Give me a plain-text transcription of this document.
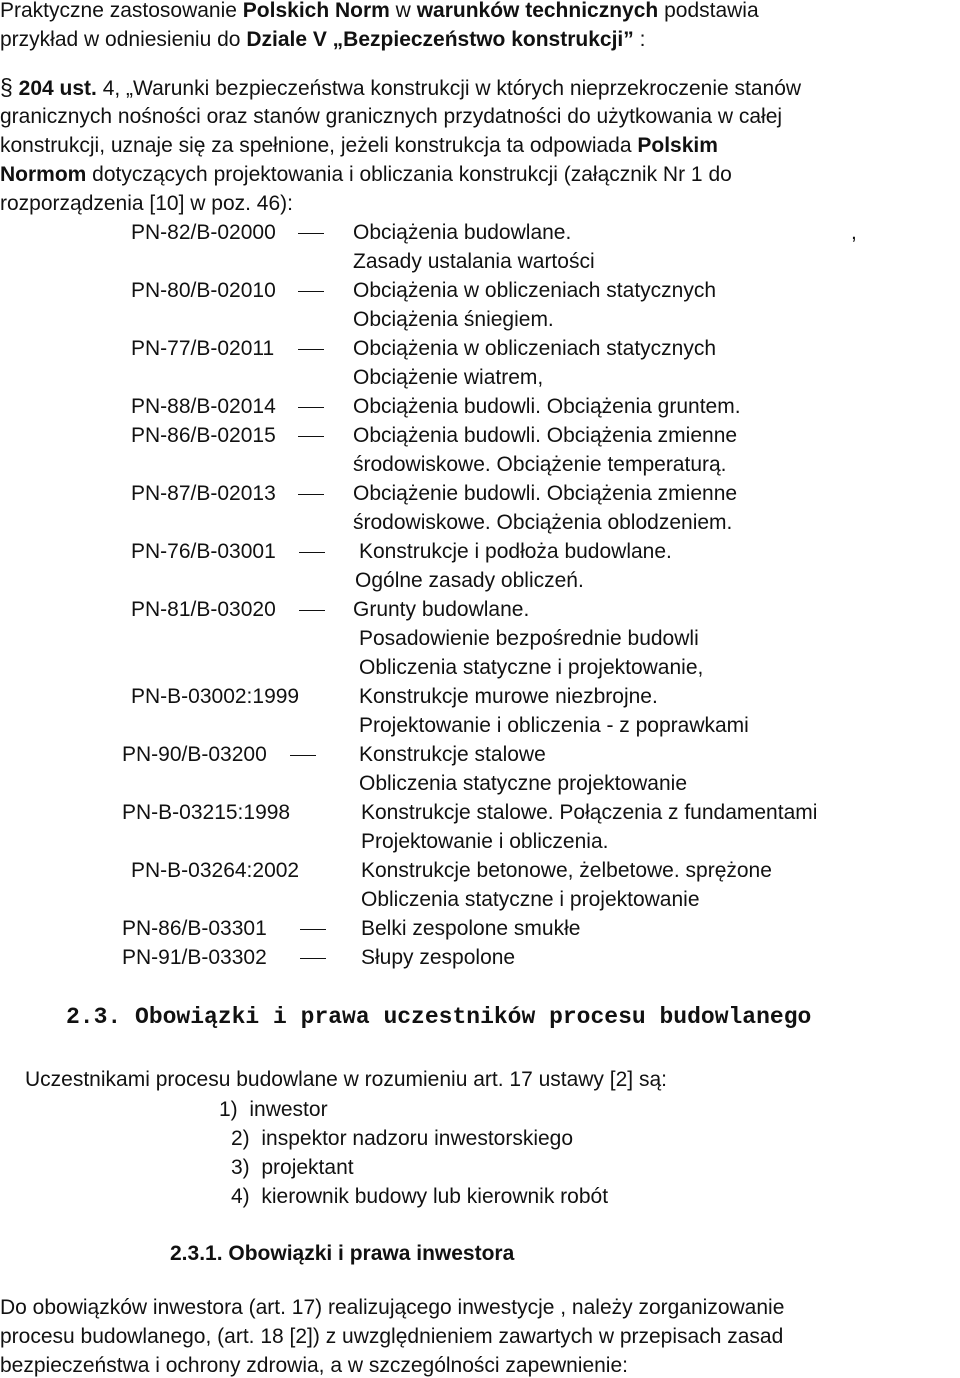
Praktyczne zastosowanie Polskich Norm w warunków technicznych podstawia
przykład w odniesieniu do Dziale V „Bezpieczeństwo konstrukcji” :
§ 204 ust. 4, „Warunki bezpieczeństwa konstrukcji w których nieprzekroczenie stanów
granicznych nośności oraz stanów granicznych przydatności do użytkowania w całej
konstrukcji, uznaje się za spełnione, jeżeli konstrukcja ta odpowiada Polskim
Normom dotyczących projektowania i obliczania konstrukcji (załącznik Nr 1 do
rozporządzenia [10] w poz. 46):
PN-82/B-02000	Obciążenia budowlane.	,
Zasady ustalania wartości
PN-80/B-02010	Obciążenia w obliczeniach statycznych
Obciążenia śniegiem.
PN-77/B-02011	Obciążenia w obliczeniach statycznych
Obciążenie wiatrem,
PN-88/B-02014	Obciążenia budowli. Obciążenia gruntem.
PN-86/B-02015	Obciążenia budowli. Obciążenia zmienne
środowiskowe. Obciążenie temperaturą.
PN-87/B-02013	Obciążenie budowli. Obciążenia zmienne
środowiskowe. Obciążenia oblodzeniem.
PN-76/B-03001	Konstrukcje i podłoża budowlane.
Ogólne zasady obliczeń.
PN-81/B-03020	Grunty budowlane.
Posadowienie bezpośrednie budowli
Obliczenia statyczne i projektowanie,
PN-B-03002:1999	Konstrukcje murowe niezbrojne.
Projektowanie i obliczenia - z poprawkami
PN-90/B-03200	Konstrukcje stalowe
Obliczenia statyczne projektowanie
PN-B-03215:1998	Konstrukcje stalowe. Połączenia z fundamentami
Projektowanie i obliczenia.
PN-B-03264:2002	Konstrukcje betonowe, żelbetowe. sprężone
Obliczenia statyczne i projektowanie
PN-86/B-03301	Belki zespolone smukłe
PN-91/B-03302	Słupy zespolone
2.3. Obowiązki i prawa uczestników procesu budowlanego
Uczestnikami procesu budowlane w rozumieniu art. 17 ustawy [2] są:
1) inwestor
2) inspektor nadzoru inwestorskiego
3) projektant
4) kierownik budowy lub kierownik robót
2.3.1. Obowiązki i prawa inwestora
Do obowiązków inwestora (art. 17) realizującego inwestycje , należy zorganizowanie
procesu budowlanego, (art. 18 [2]) z uwzględnieniem zawartych w przepisach zasad
bezpieczeństwa i ochrony zdrowia, a w szczególności zapewnienie:
